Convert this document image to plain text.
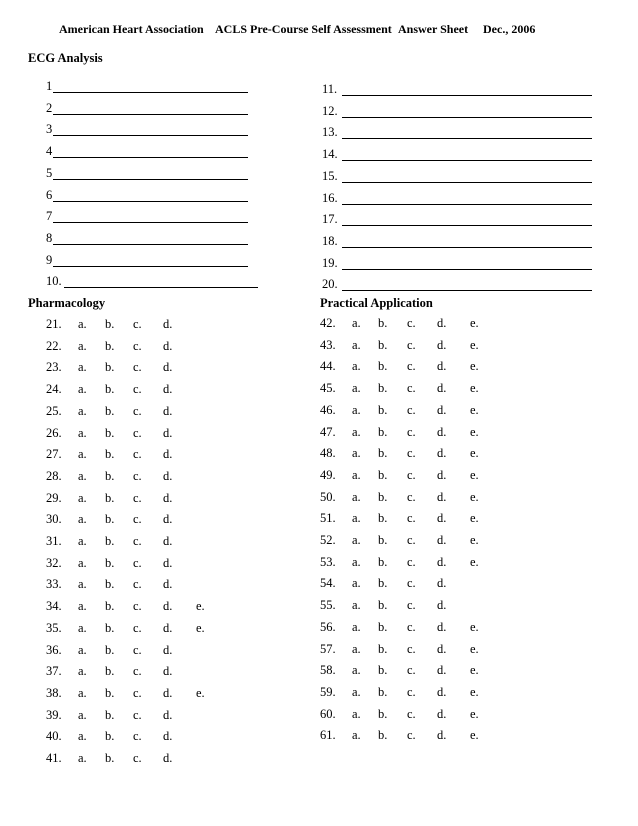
American Heart Association ACLS Pre-Course Self Assessment Answer Sheet Dec., 2006
ECG Analysis
1
2
3
4
5
6
7
8
9
10.
11.
12.
13.
14.
15.
16.
17.
18.
19.
20.
Pharmacology	Practical Application
21. a. b. c. d.
22. a. b. c. d.
23. a. b. c. d.
24. a. b. c. d.
25. a. b. c. d.
26. a. b. c. d.
27. a. b. c. d.
28. a. b. c. d.
29. a. b. c. d.
30. a. b. c. d.
31. a. b. c. d.
32. a. b. c. d.
33. a. b. c. d.
34. a. b. c. d. e.
35. a. b. c. d. e.
36. a. b. c. d.
37. a. b. c. d.
38. a. b. c. d. e.
39. a. b. c. d.
40. a. b. c. d.
41. a. b. c. d.
42. a. b. c. d. e.
43. a. b. c. d. e.
44. a. b. c. d. e.
45. a. b. c. d. e.
46. a. b. c. d. e.
47. a. b. c. d. e.
48. a. b. c. d. e.
49. a. b. c. d. e.
50. a. b. c. d. e.
51. a. b. c. d. e.
52. a. b. c. d. e.
53. a. b. c. d. e.
54. a. b. c. d.
55. a. b. c. d.
56. a. b. c. d. e.
57. a. b. c. d. e.
58. a. b. c. d. e.
59. a. b. c. d. e.
60. a. b. c. d. e.
61. a. b. c. d. e.
